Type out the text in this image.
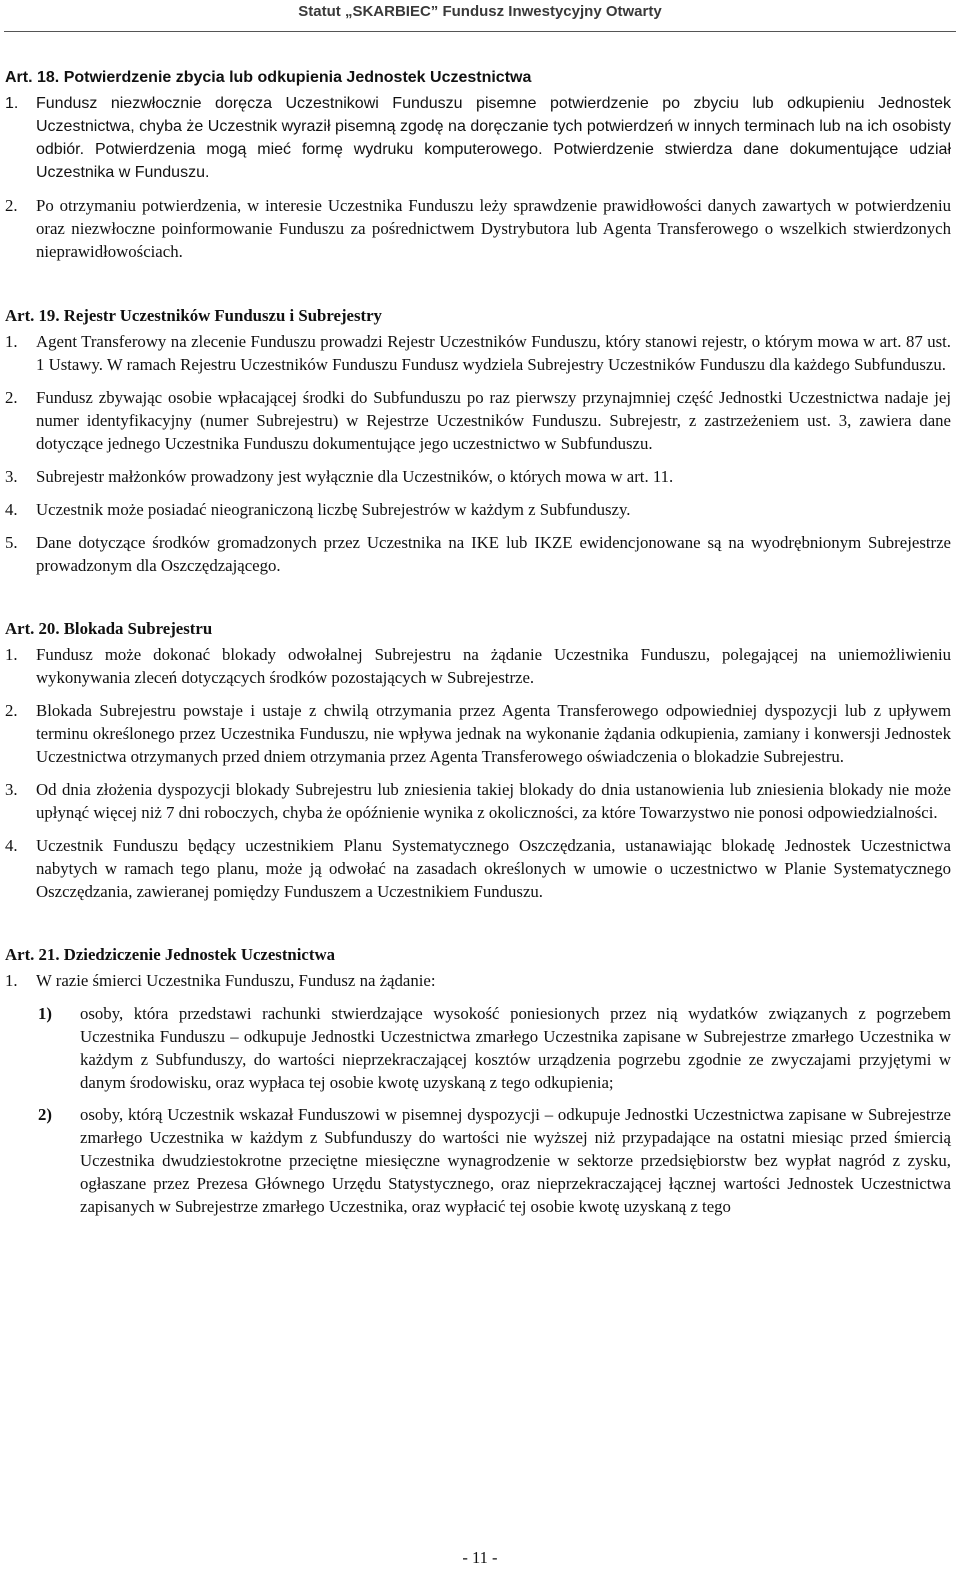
Statut „SKARBIEC” Fundusz Inwestycyjny Otwarty
Art. 18.
Potwierdzenie zbycia lub odkupienia Jednostek Uczestnictwa
1.	Fundusz niezwłocznie doręcza Uczestnikowi Funduszu pisemne potwierdzenie po zbyciu lub odkupieniu Jednostek Uczestnictwa, chyba że Uczestnik wyraził pisemną zgodę na doręczanie tych potwierdzeń w innych terminach lub na ich osobisty odbiór. Potwierdzenia mogą mieć formę wydruku komputerowego. Potwierdzenie stwierdza dane dokumentujące udział Uczestnika w Funduszu.
2.	Po otrzymaniu potwierdzenia, w interesie Uczestnika Funduszu leży sprawdzenie prawidłowości danych zawartych w potwierdzeniu oraz niezwłoczne poinformowanie Funduszu za pośrednictwem Dystrybutora lub Agenta Transferowego o wszelkich stwierdzonych nieprawidłowościach.
Art. 19.
Rejestr Uczestników Funduszu i Subrejestry
1.	Agent Transferowy na zlecenie Funduszu prowadzi Rejestr Uczestników Funduszu, który stanowi rejestr, o którym mowa w art. 87 ust. 1 Ustawy. W ramach Rejestru Uczestników Funduszu Fundusz wydziela Subrejestry Uczestników Funduszu dla każdego Subfunduszu.
2.	Fundusz zbywając osobie wpłacającej środki do Subfunduszu po raz pierwszy przynajmniej część Jednostki Uczestnictwa nadaje jej numer identyfikacyjny (numer Subrejestru) w Rejestrze Uczestników Funduszu. Subrejestr, z zastrzeżeniem ust. 3, zawiera dane dotyczące jednego Uczestnika Funduszu dokumentujące jego uczestnictwo w Subfunduszu.
3.	Subrejestr małżonków prowadzony jest wyłącznie dla Uczestników, o których mowa w art. 11.
4.	Uczestnik może posiadać nieograniczoną liczbę Subrejestrów w każdym z Subfunduszy.
5.	Dane dotyczące środków gromadzonych przez Uczestnika na IKE lub IKZE ewidencjonowane są na wyodrębnionym Subrejestrze prowadzonym dla Oszczędzającego.
Art. 20.
Blokada Subrejestru
1.	Fundusz może dokonać blokady odwołalnej Subrejestru na żądanie Uczestnika Funduszu, polegającej na uniemożliwieniu wykonywania zleceń dotyczących środków pozostających w Subrejestrze.
2.	Blokada Subrejestru powstaje i ustaje z chwilą otrzymania przez Agenta Transferowego odpowiedniej dyspozycji lub z upływem terminu określonego przez Uczestnika Funduszu, nie wpływa jednak na wykonanie żądania odkupienia, zamiany i konwersji Jednostek Uczestnictwa otrzymanych przed dniem otrzymania przez Agenta Transferowego oświadczenia o blokadzie Subrejestru.
3.	Od dnia złożenia dyspozycji blokady Subrejestru lub zniesienia takiej blokady do dnia ustanowienia lub zniesienia blokady nie może upłynąć więcej niż 7 dni roboczych, chyba że opóźnienie wynika z okoliczności, za które Towarzystwo nie ponosi odpowiedzialności.
4.	Uczestnik Funduszu będący uczestnikiem Planu Systematycznego Oszczędzania, ustanawiając blokadę Jednostek Uczestnictwa nabytych w ramach tego planu, może ją odwołać na zasadach określonych w umowie o uczestnictwo w Planie Systematycznego Oszczędzania, zawieranej pomiędzy Funduszem a Uczestnikiem Funduszu.
Art. 21.
Dziedziczenie Jednostek Uczestnictwa
1.	W razie śmierci Uczestnika Funduszu, Fundusz na żądanie:
1)	osoby, która przedstawi rachunki stwierdzające wysokość poniesionych przez nią wydatków związanych z pogrzebem Uczestnika Funduszu – odkupuje Jednostki Uczestnictwa zmarłego Uczestnika zapisane w Subrejestrze zmarłego Uczestnika w każdym z Subfunduszy, do wartości nieprzekraczającej kosztów urządzenia pogrzebu zgodnie ze zwyczajami przyjętymi w danym środowisku, oraz wypłaca tej osobie kwotę uzyskaną z tego odkupienia;
2)	osoby, którą Uczestnik wskazał Funduszowi w pisemnej dyspozycji – odkupuje Jednostki Uczestnictwa zapisane w Subrejestrze zmarłego Uczestnika w każdym z Subfunduszy do wartości nie wyższej niż przypadające na ostatni miesiąc przed śmiercią Uczestnika dwudziestokrotne przeciętne miesięczne wynagrodzenie w sektorze przedsiębiorstw bez wypłat nagród z zysku, ogłaszane przez Prezesa Głównego Urzędu Statystycznego, oraz nieprzekraczającej łącznej wartości Jednostek Uczestnictwa zapisanych w Subrejestrze zmarłego Uczestnika, oraz wypłacić tej osobie kwotę uzyskaną z tego
- 11 -
